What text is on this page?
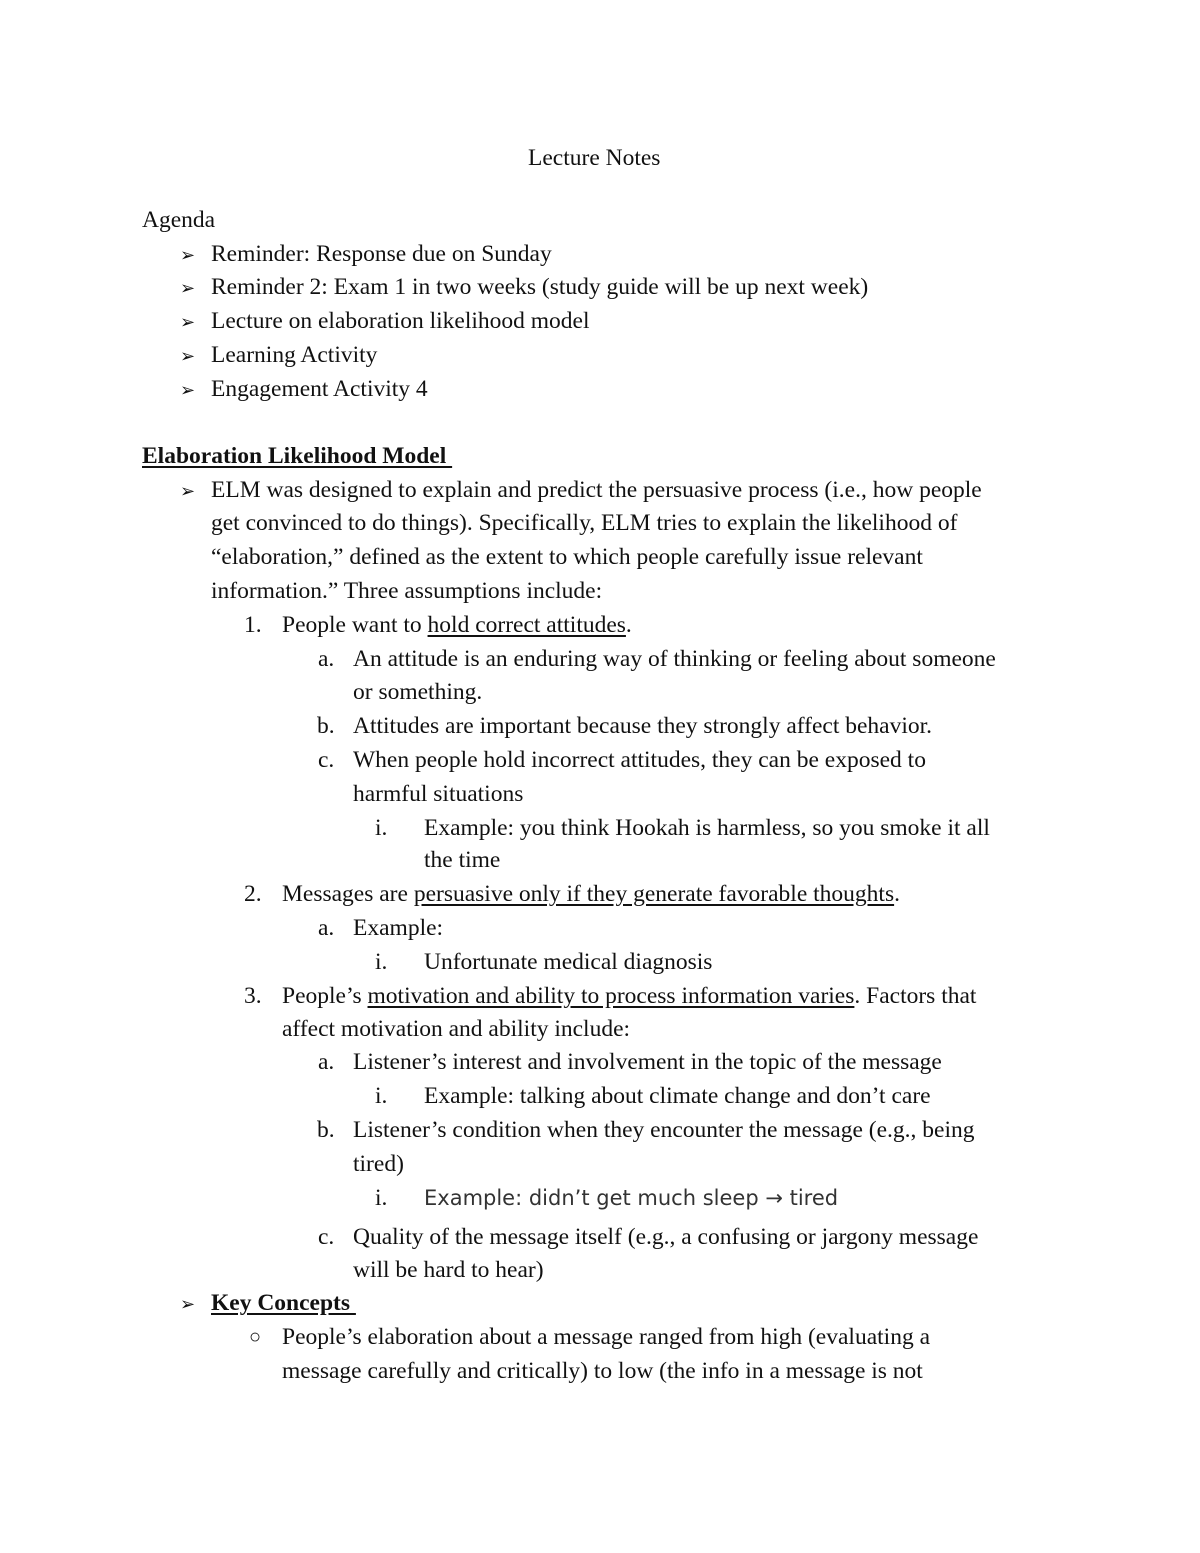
Lecture Notes
Agenda
➢ Reminder: Response due on Sunday
➢ Reminder 2: Exam 1 in two weeks (study guide will be up next week)
➢ Lecture on elaboration likelihood model
➢ Learning Activity
➢ Engagement Activity 4
Elaboration Likelihood Model
➢ ELM was designed to explain and predict the persuasive process (i.e., how people
get convinced to do things). Specifically, ELM tries to explain the likelihood of
“elaboration,” defined as the extent to which people carefully issue relevant
information.” Three assumptions include:
1. People want to hold correct attitudes.
a. An attitude is an enduring way of thinking or feeling about someone
or something.
b. Attitudes are important because they strongly affect behavior.
c. When people hold incorrect attitudes, they can be exposed to
harmful situations
i. Example: you think Hookah is harmless, so you smoke it all
the time
2. Messages are persuasive only if they generate favorable thoughts.
a. Example:
i. Unfortunate medical diagnosis
3. People’s motivation and ability to process information varies. Factors that
affect motivation and ability include:
a. Listener’s interest and involvement in the topic of the message
i. Example: talking about climate change and don’t care
b. Listener’s condition when they encounter the message (e.g., being
tired)
i. Example: didn’t get much sleep → tired
c. Quality of the message itself (e.g., a confusing or jargony message
will be hard to hear)
➢ Key Concepts
○ People’s elaboration about a message ranged from high (evaluating a
message carefully and critically) to low (the info in a message is not
